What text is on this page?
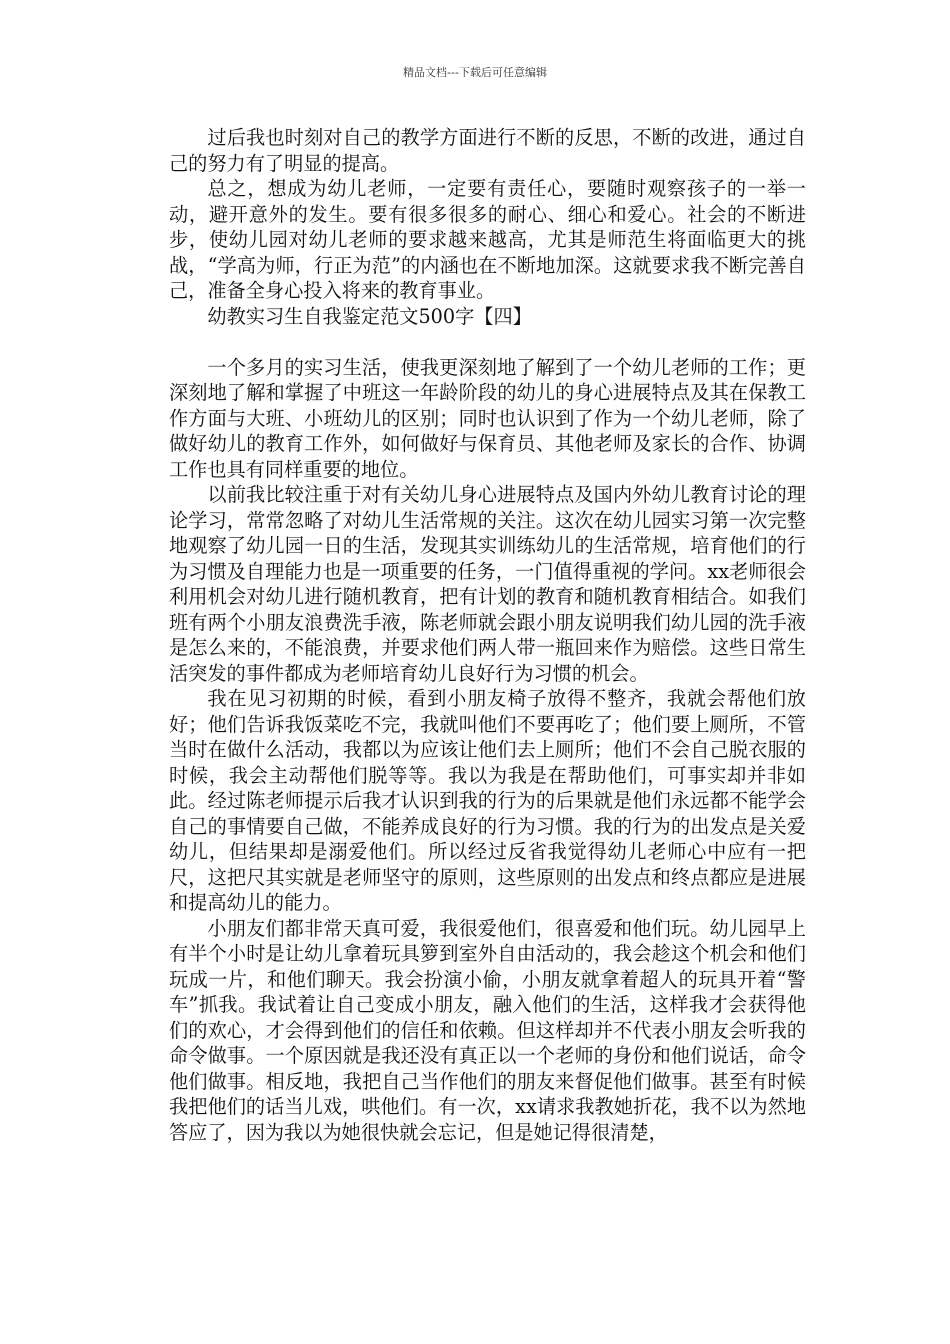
精品文档---下载后可任意编辑

过后我也时刻对自己的教学方面进行不断的反思，不断的改进，通过自己的努力有了明显的提高。

总之，想成为幼儿老师，一定要有责任心，要随时观察孩子的一举一动，避开意外的发生。要有很多很多的耐心、细心和爱心。社会的不断进步，使幼儿园对幼儿老师的要求越来越高，尤其是师范生将面临更大的挑战，“学高为师，行正为范”的内涵也在不断地加深。这就要求我不断完善自己，准备全身心投入将来的教育事业。

幼教实习生自我鉴定范文500字【四】

一个多月的实习生活，使我更深刻地了解到了一个幼儿老师的工作；更深刻地了解和掌握了中班这一年龄阶段的幼儿的身心进展特点及其在保教工作方面与大班、小班幼儿的区别；同时也认识到了作为一个幼儿老师，除了做好幼儿的教育工作外，如何做好与保育员、其他老师及家长的合作、协调工作也具有同样重要的地位。

以前我比较注重于对有关幼儿身心进展特点及国内外幼儿教育讨论的理论学习，常常忽略了对幼儿生活常规的关注。这次在幼儿园实习第一次完整地观察了幼儿园一日的生活，发现其实训练幼儿的生活常规，培育他们的行为习惯及自理能力也是一项重要的任务，一门值得重视的学问。xx老师很会利用机会对幼儿进行随机教育，把有计划的教育和随机教育相结合。如我们班有两个小朋友浪费洗手液，陈老师就会跟小朋友说明我们幼儿园的洗手液是怎么来的，不能浪费，并要求他们两人带一瓶回来作为赔偿。这些日常生活突发的事件都成为老师培育幼儿良好行为习惯的机会。

我在见习初期的时候，看到小朋友椅子放得不整齐，我就会帮他们放好；他们告诉我饭菜吃不完，我就叫他们不要再吃了；他们要上厕所，不管当时在做什么活动，我都以为应该让他们去上厕所；他们不会自己脱衣服的时候，我会主动帮他们脱等等。我以为我是在帮助他们，可事实却并非如此。经过陈老师提示后我才认识到我的行为的后果就是他们永远都不能学会自己的事情要自己做，不能养成良好的行为习惯。我的行为的出发点是关爱幼儿，但结果却是溺爱他们。所以经过反省我觉得幼儿老师心中应有一把尺，这把尺其实就是老师坚守的原则，这些原则的出发点和终点都应是进展和提高幼儿的能力。

小朋友们都非常天真可爱，我很爱他们，很喜爱和他们玩。幼儿园早上有半个小时是让幼儿拿着玩具箩到室外自由活动的，我会趁这个机会和他们玩成一片，和他们聊天。我会扮演小偷，小朋友就拿着超人的玩具开着“警车”抓我。我试着让自己变成小朋友，融入他们的生活，这样我才会获得他们的欢心，才会得到他们的信任和依赖。但这样却并不代表小朋友会听我的命令做事。一个原因就是我还没有真正以一个老师的身份和他们说话，命令他们做事。相反地，我把自己当作他们的朋友来督促他们做事。甚至有时候我把他们的话当儿戏，哄他们。有一次，xx请求我教她折花，我不以为然地答应了，因为我以为她很快就会忘记，但是她记得很清楚，
